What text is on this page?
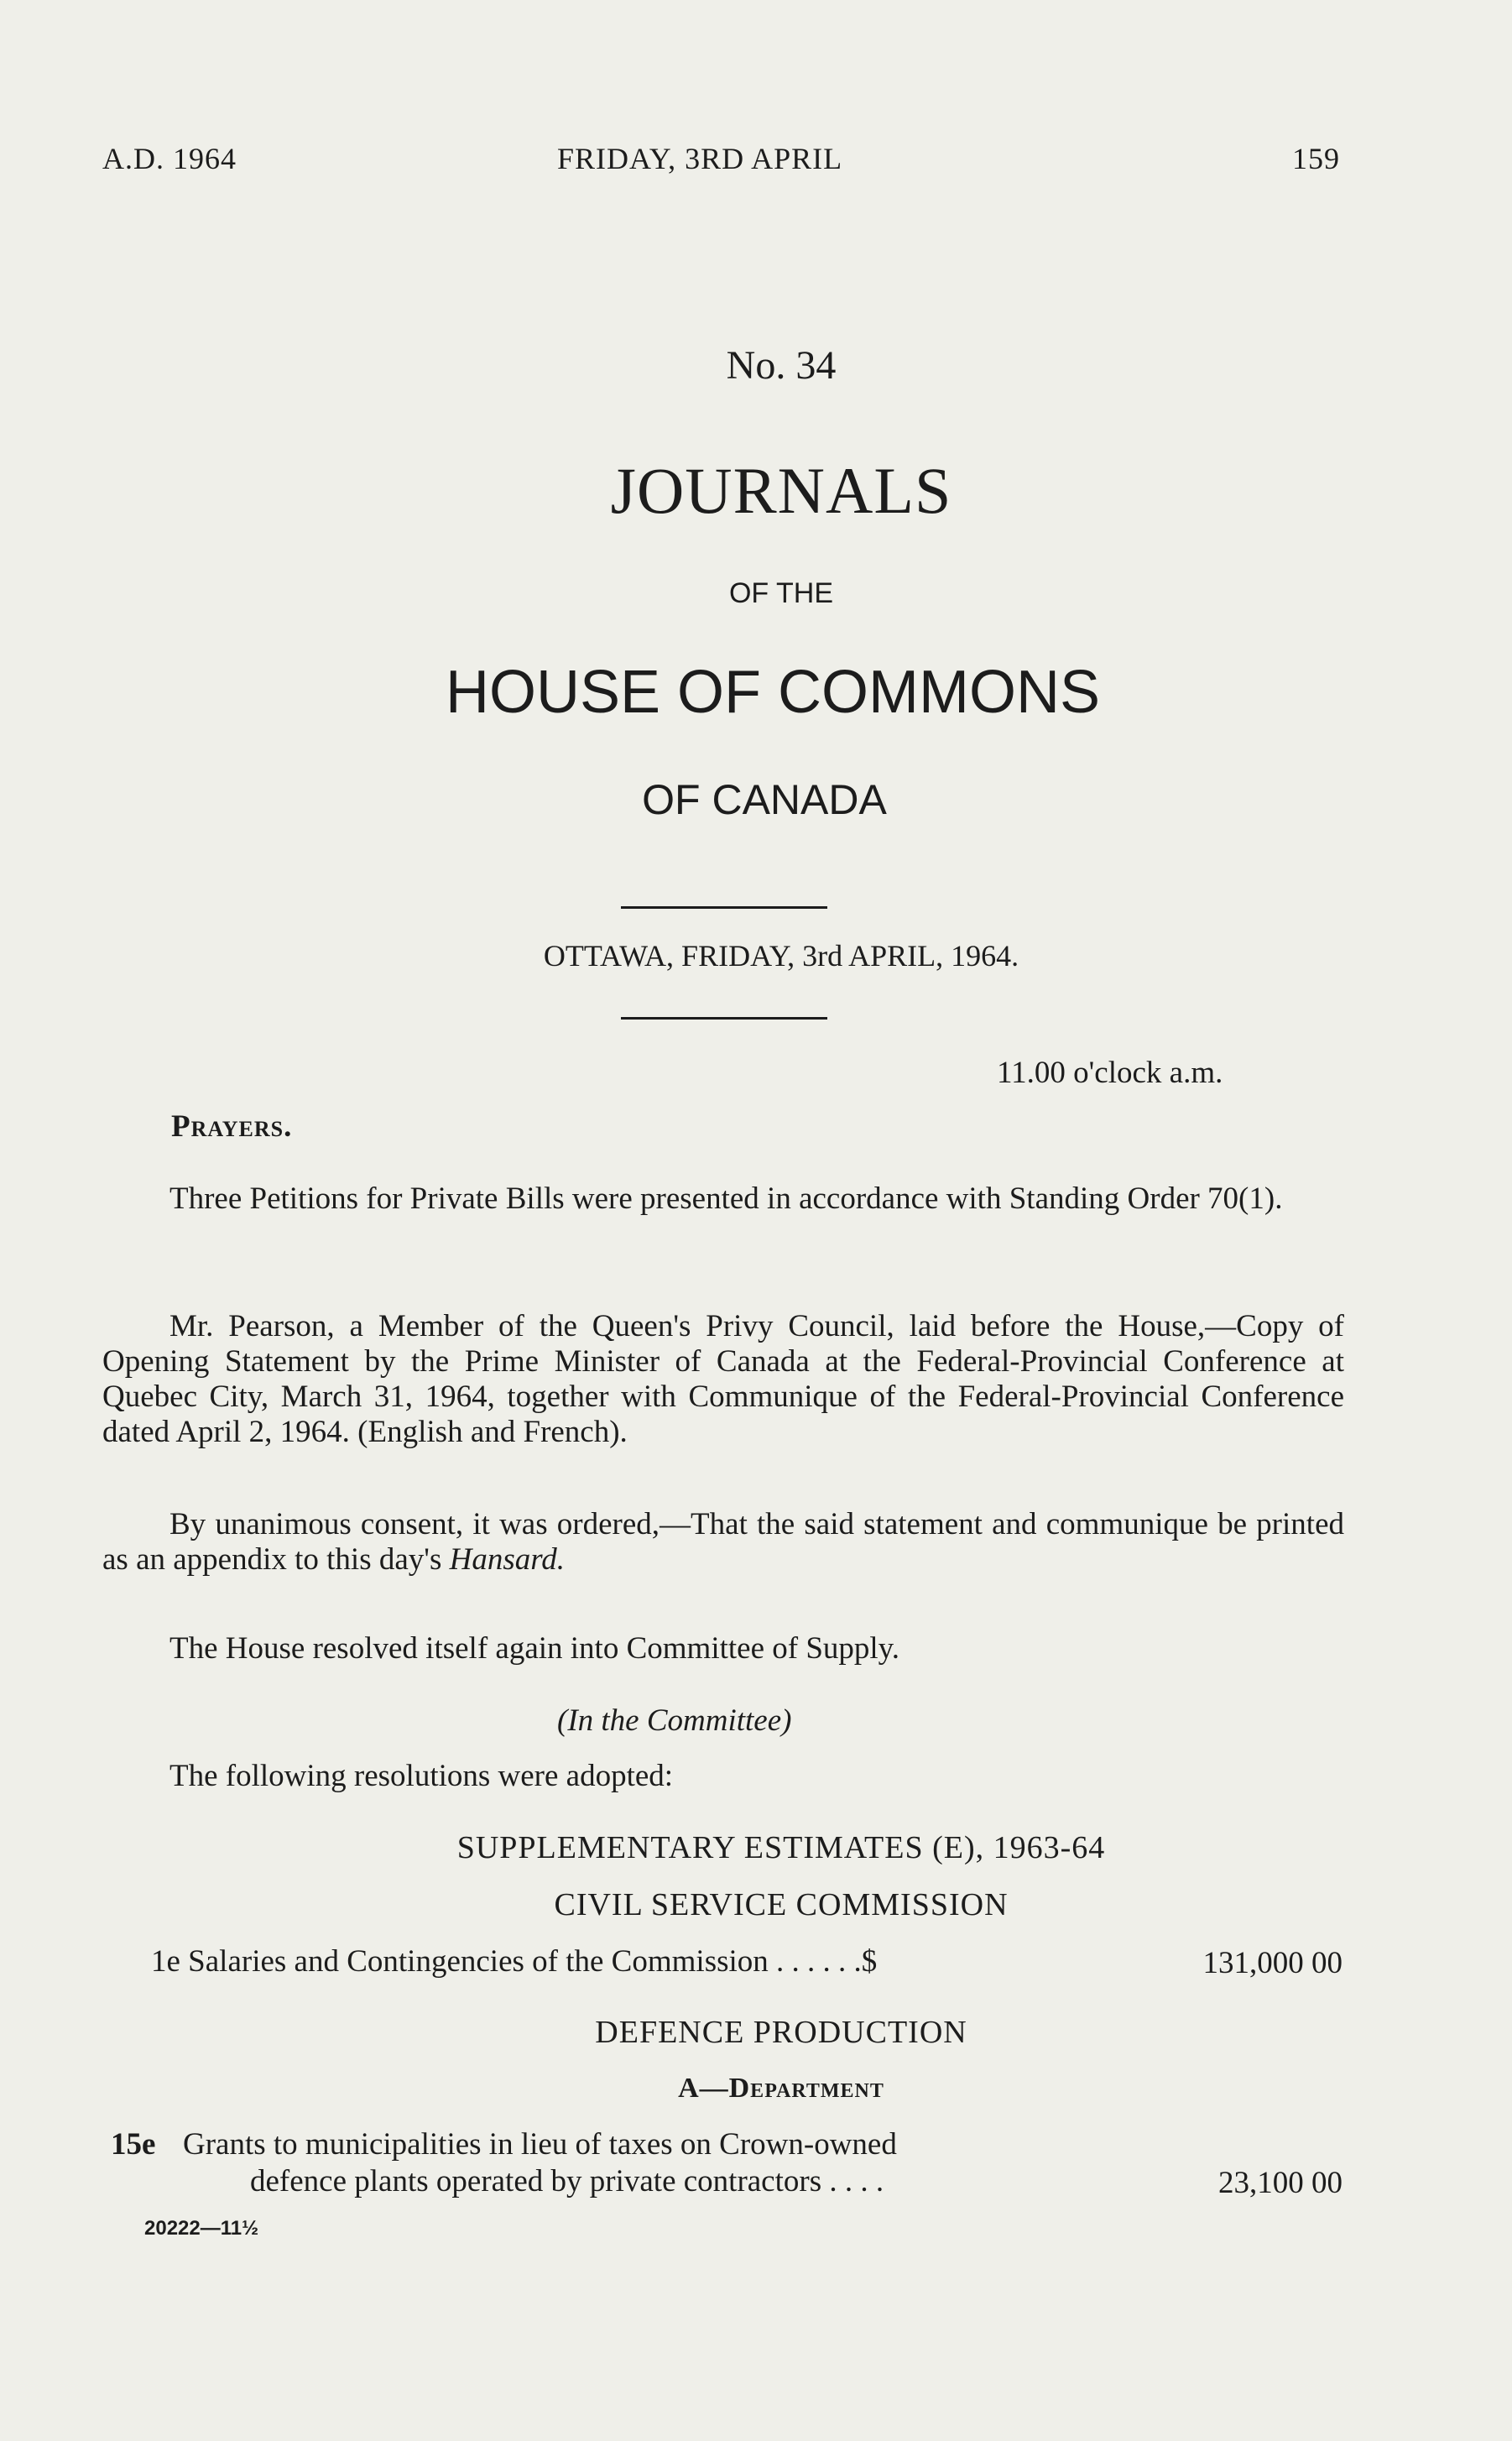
A.D. 1964	FRIDAY, 3RD APRIL	159
No. 34
JOURNALS
OF THE
HOUSE OF COMMONS
OF CANADA
OTTAWA, FRIDAY, 3rd APRIL, 1964.
11.00 o'clock a.m.
Prayers.
Three Petitions for Private Bills were presented in accordance with Standing Order 70(1).
Mr. Pearson, a Member of the Queen's Privy Council, laid before the House,—Copy of Opening Statement by the Prime Minister of Canada at the Federal-Provincial Conference at Quebec City, March 31, 1964, together with Communique of the Federal-Provincial Conference dated April 2, 1964. (English and French).
By unanimous consent, it was ordered,—That the said statement and communique be printed as an appendix to this day's Hansard.
The House resolved itself again into Committee of Supply.
(In the Committee)
The following resolutions were adopted:
SUPPLEMENTARY ESTIMATES (E), 1963-64
CIVIL SERVICE COMMISSION
1e Salaries and Contingencies of the Commission . . . . . .$	131,000 00
DEFENCE PRODUCTION
A—Department
15e Grants to municipalities in lieu of taxes on Crown-owned
defence plants operated by private contractors . . . .	23,100 00
20222—11½
